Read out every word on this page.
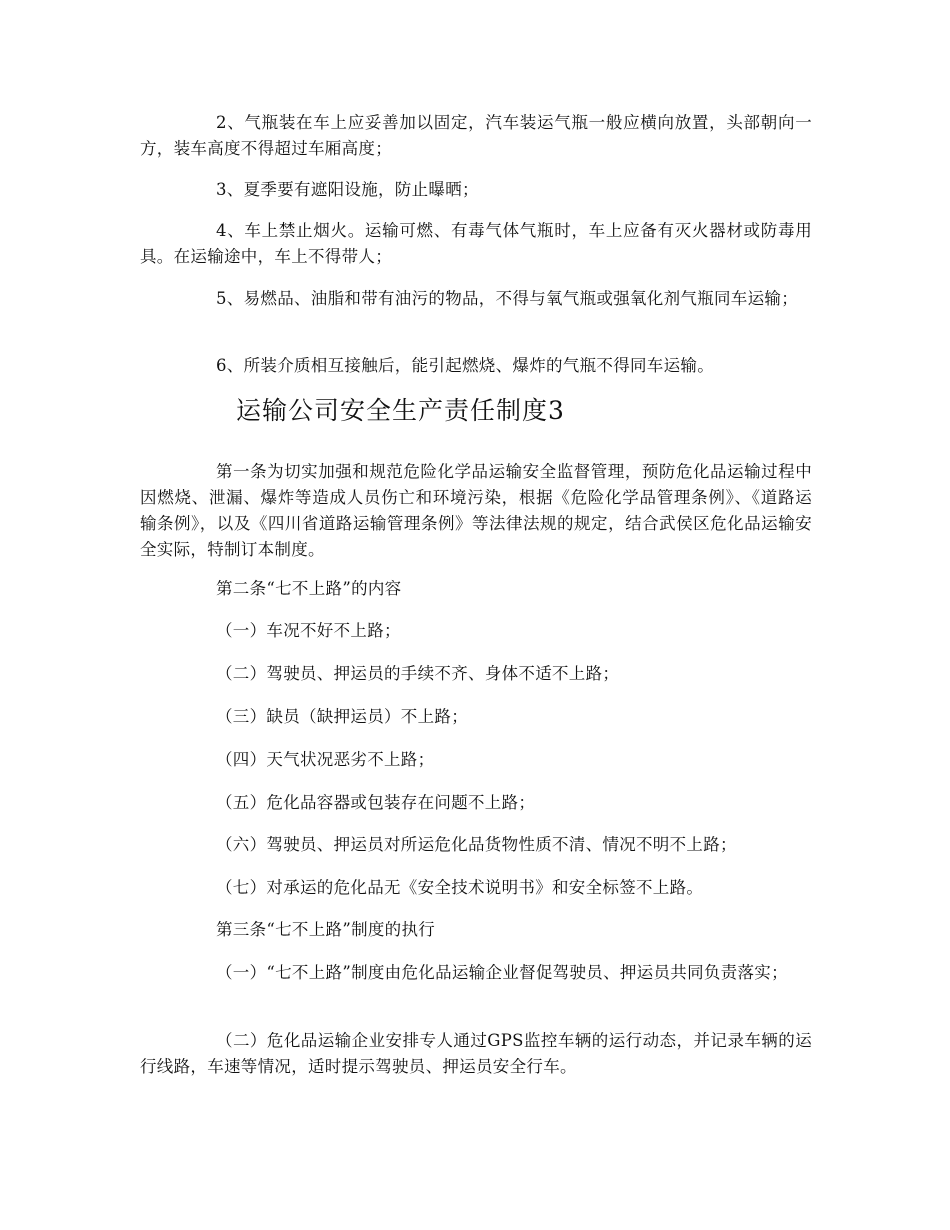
2、气瓶装在车上应妥善加以固定，汽车装运气瓶一般应横向放置，头部朝向一方，装车高度不得超过车厢高度；

3、夏季要有遮阳设施，防止曝晒；

4、车上禁止烟火。运输可燃、有毒气体气瓶时，车上应备有灭火器材或防毒用具。在运输途中，车上不得带人；

5、易燃品、油脂和带有油污的物品，不得与氧气瓶或强氧化剂气瓶同车运输；

6、所装介质相互接触后，能引起燃烧、爆炸的气瓶不得同车运输。

运输公司安全生产责任制度3

第一条为切实加强和规范危险化学品运输安全监督管理，预防危化品运输过程中因燃烧、泄漏、爆炸等造成人员伤亡和环境污染，根据《危险化学品管理条例》、《道路运输条例》，以及《四川省道路运输管理条例》等法律法规的规定，结合武侯区危化品运输安全实际，特制订本制度。

第二条“七不上路”的内容

（一）车况不好不上路；

（二）驾驶员、押运员的手续不齐、身体不适不上路；

（三）缺员（缺押运员）不上路；

（四）天气状况恶劣不上路；

（五）危化品容器或包装存在问题不上路；

（六）驾驶员、押运员对所运危化品货物性质不清、情况不明不上路；

（七）对承运的危化品无《安全技术说明书》和安全标签不上路。

第三条“七不上路”制度的执行

（一）“七不上路”制度由危化品运输企业督促驾驶员、押运员共同负责落实；

（二）危化品运输企业安排专人通过GPS监控车辆的运行动态，并记录车辆的运行线路，车速等情况，适时提示驾驶员、押运员安全行车。
